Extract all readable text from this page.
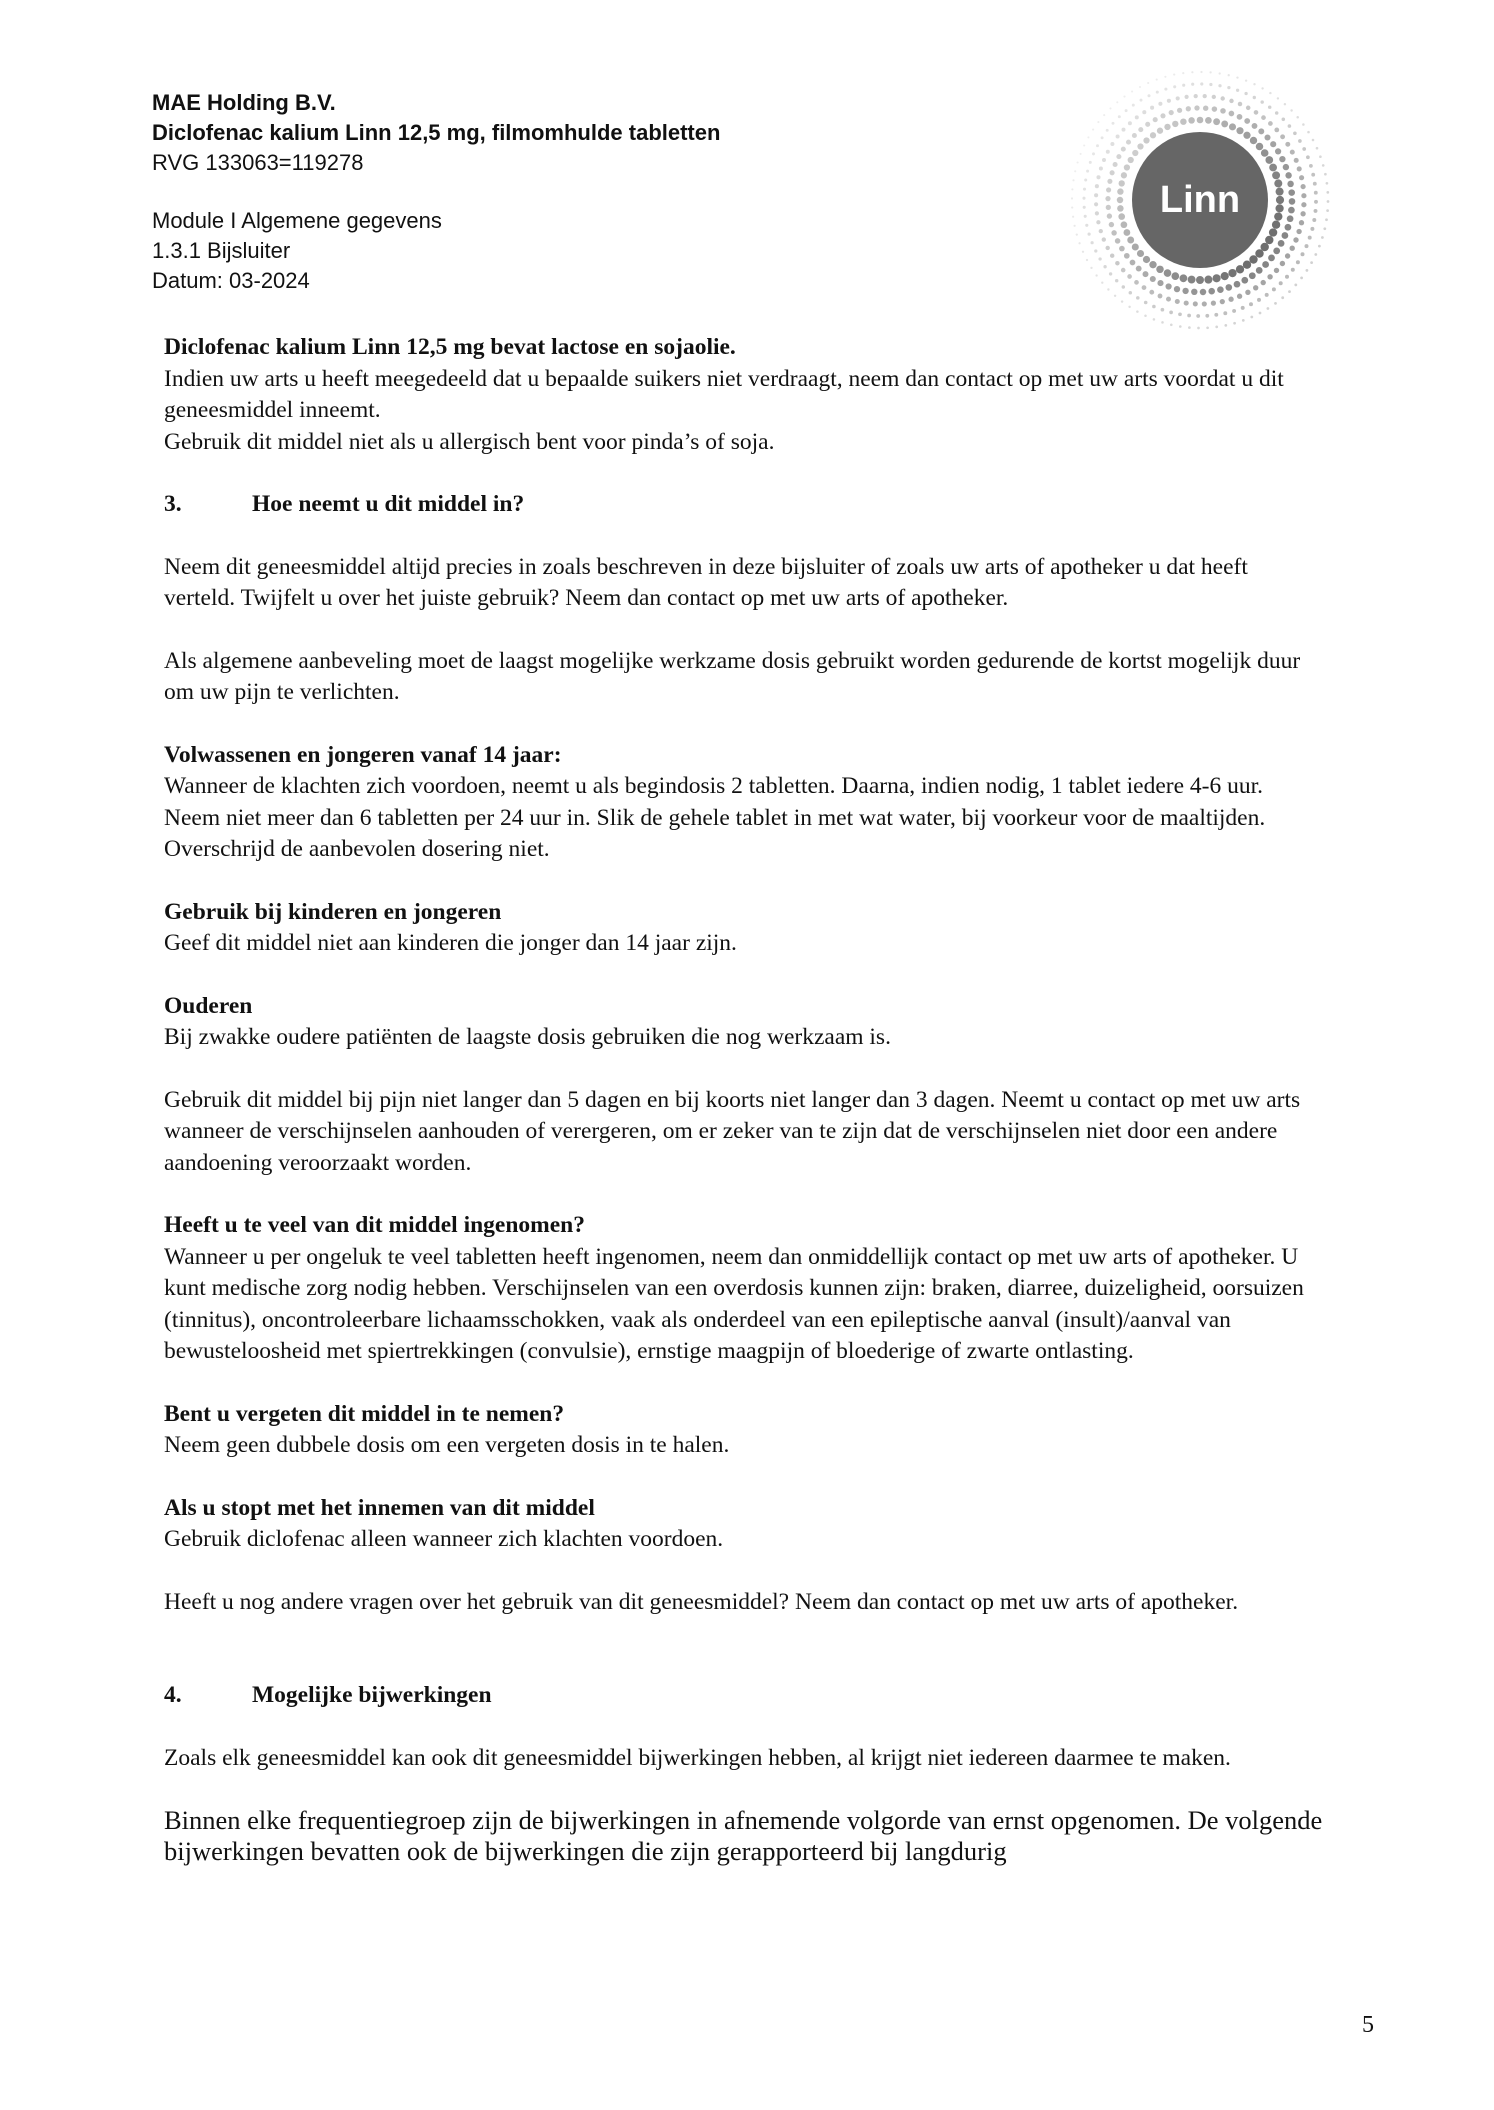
MAE Holding B.V.
Diclofenac kalium Linn 12,5 mg, filmomhulde tabletten
RVG 133063=119278
Module I Algemene gegevens
1.3.1 Bijsluiter
Datum: 03-2024
Linn

Diclofenac kalium Linn 12,5 mg bevat lactose en sojaolie.

Indien uw arts u heeft meegedeeld dat u bepaalde suikers niet verdraagt, neem dan contact op met uw arts voordat u dit geneesmiddel inneemt.

Gebruik dit middel niet als u allergisch bent voor pinda’s of soja.

3.	Hoe neemt u dit middel in?

Neem dit geneesmiddel altijd precies in zoals beschreven in deze bijsluiter of zoals uw arts of apotheker u dat heeft verteld. Twijfelt u over het juiste gebruik? Neem dan contact op met uw arts of apotheker.

Als algemene aanbeveling moet de laagst mogelijke werkzame dosis gebruikt worden gedurende de kortst mogelijk duur om uw pijn te verlichten.

Volwassenen en jongeren vanaf 14 jaar:

Wanneer de klachten zich voordoen, neemt u als begindosis 2 tabletten. Daarna, indien nodig, 1 tablet iedere 4-6 uur. Neem niet meer dan 6 tabletten per 24 uur in. Slik de gehele tablet in met wat water, bij voorkeur voor de maaltijden. Overschrijd de aanbevolen dosering niet.

Gebruik bij kinderen en jongeren

Geef dit middel niet aan kinderen die jonger dan 14 jaar zijn.

Ouderen

Bij zwakke oudere patiënten de laagste dosis gebruiken die nog werkzaam is.

Gebruik dit middel bij pijn niet langer dan 5 dagen en bij koorts niet langer dan 3 dagen. Neemt u contact op met uw arts wanneer de verschijnselen aanhouden of verergeren, om er zeker van te zijn dat de verschijnselen niet door een andere aandoening veroorzaakt worden.

Heeft u te veel van dit middel ingenomen?

Wanneer u per ongeluk te veel tabletten heeft ingenomen, neem dan onmiddellijk contact op met uw arts of apotheker. U kunt medische zorg nodig hebben. Verschijnselen van een overdosis kunnen zijn: braken, diarree, duizeligheid, oorsuizen (tinnitus), oncontroleerbare lichaamsschokken, vaak als onderdeel van een epileptische aanval (insult)/aanval van bewusteloosheid met spiertrekkingen (convulsie), ernstige maagpijn of bloederige of zwarte ontlasting.

Bent u vergeten dit middel in te nemen?

Neem geen dubbele dosis om een vergeten dosis in te halen.

Als u stopt met het innemen van dit middel

Gebruik diclofenac alleen wanneer zich klachten voordoen.

Heeft u nog andere vragen over het gebruik van dit geneesmiddel? Neem dan contact op met uw arts of apotheker.

4.	Mogelijke bijwerkingen

Zoals elk geneesmiddel kan ook dit geneesmiddel bijwerkingen hebben, al krijgt niet iedereen daarmee te maken.

Binnen elke frequentiegroep zijn de bijwerkingen in afnemende volgorde van ernst opgenomen. De volgende bijwerkingen bevatten ook de bijwerkingen die zijn gerapporteerd bij langdurig

5
